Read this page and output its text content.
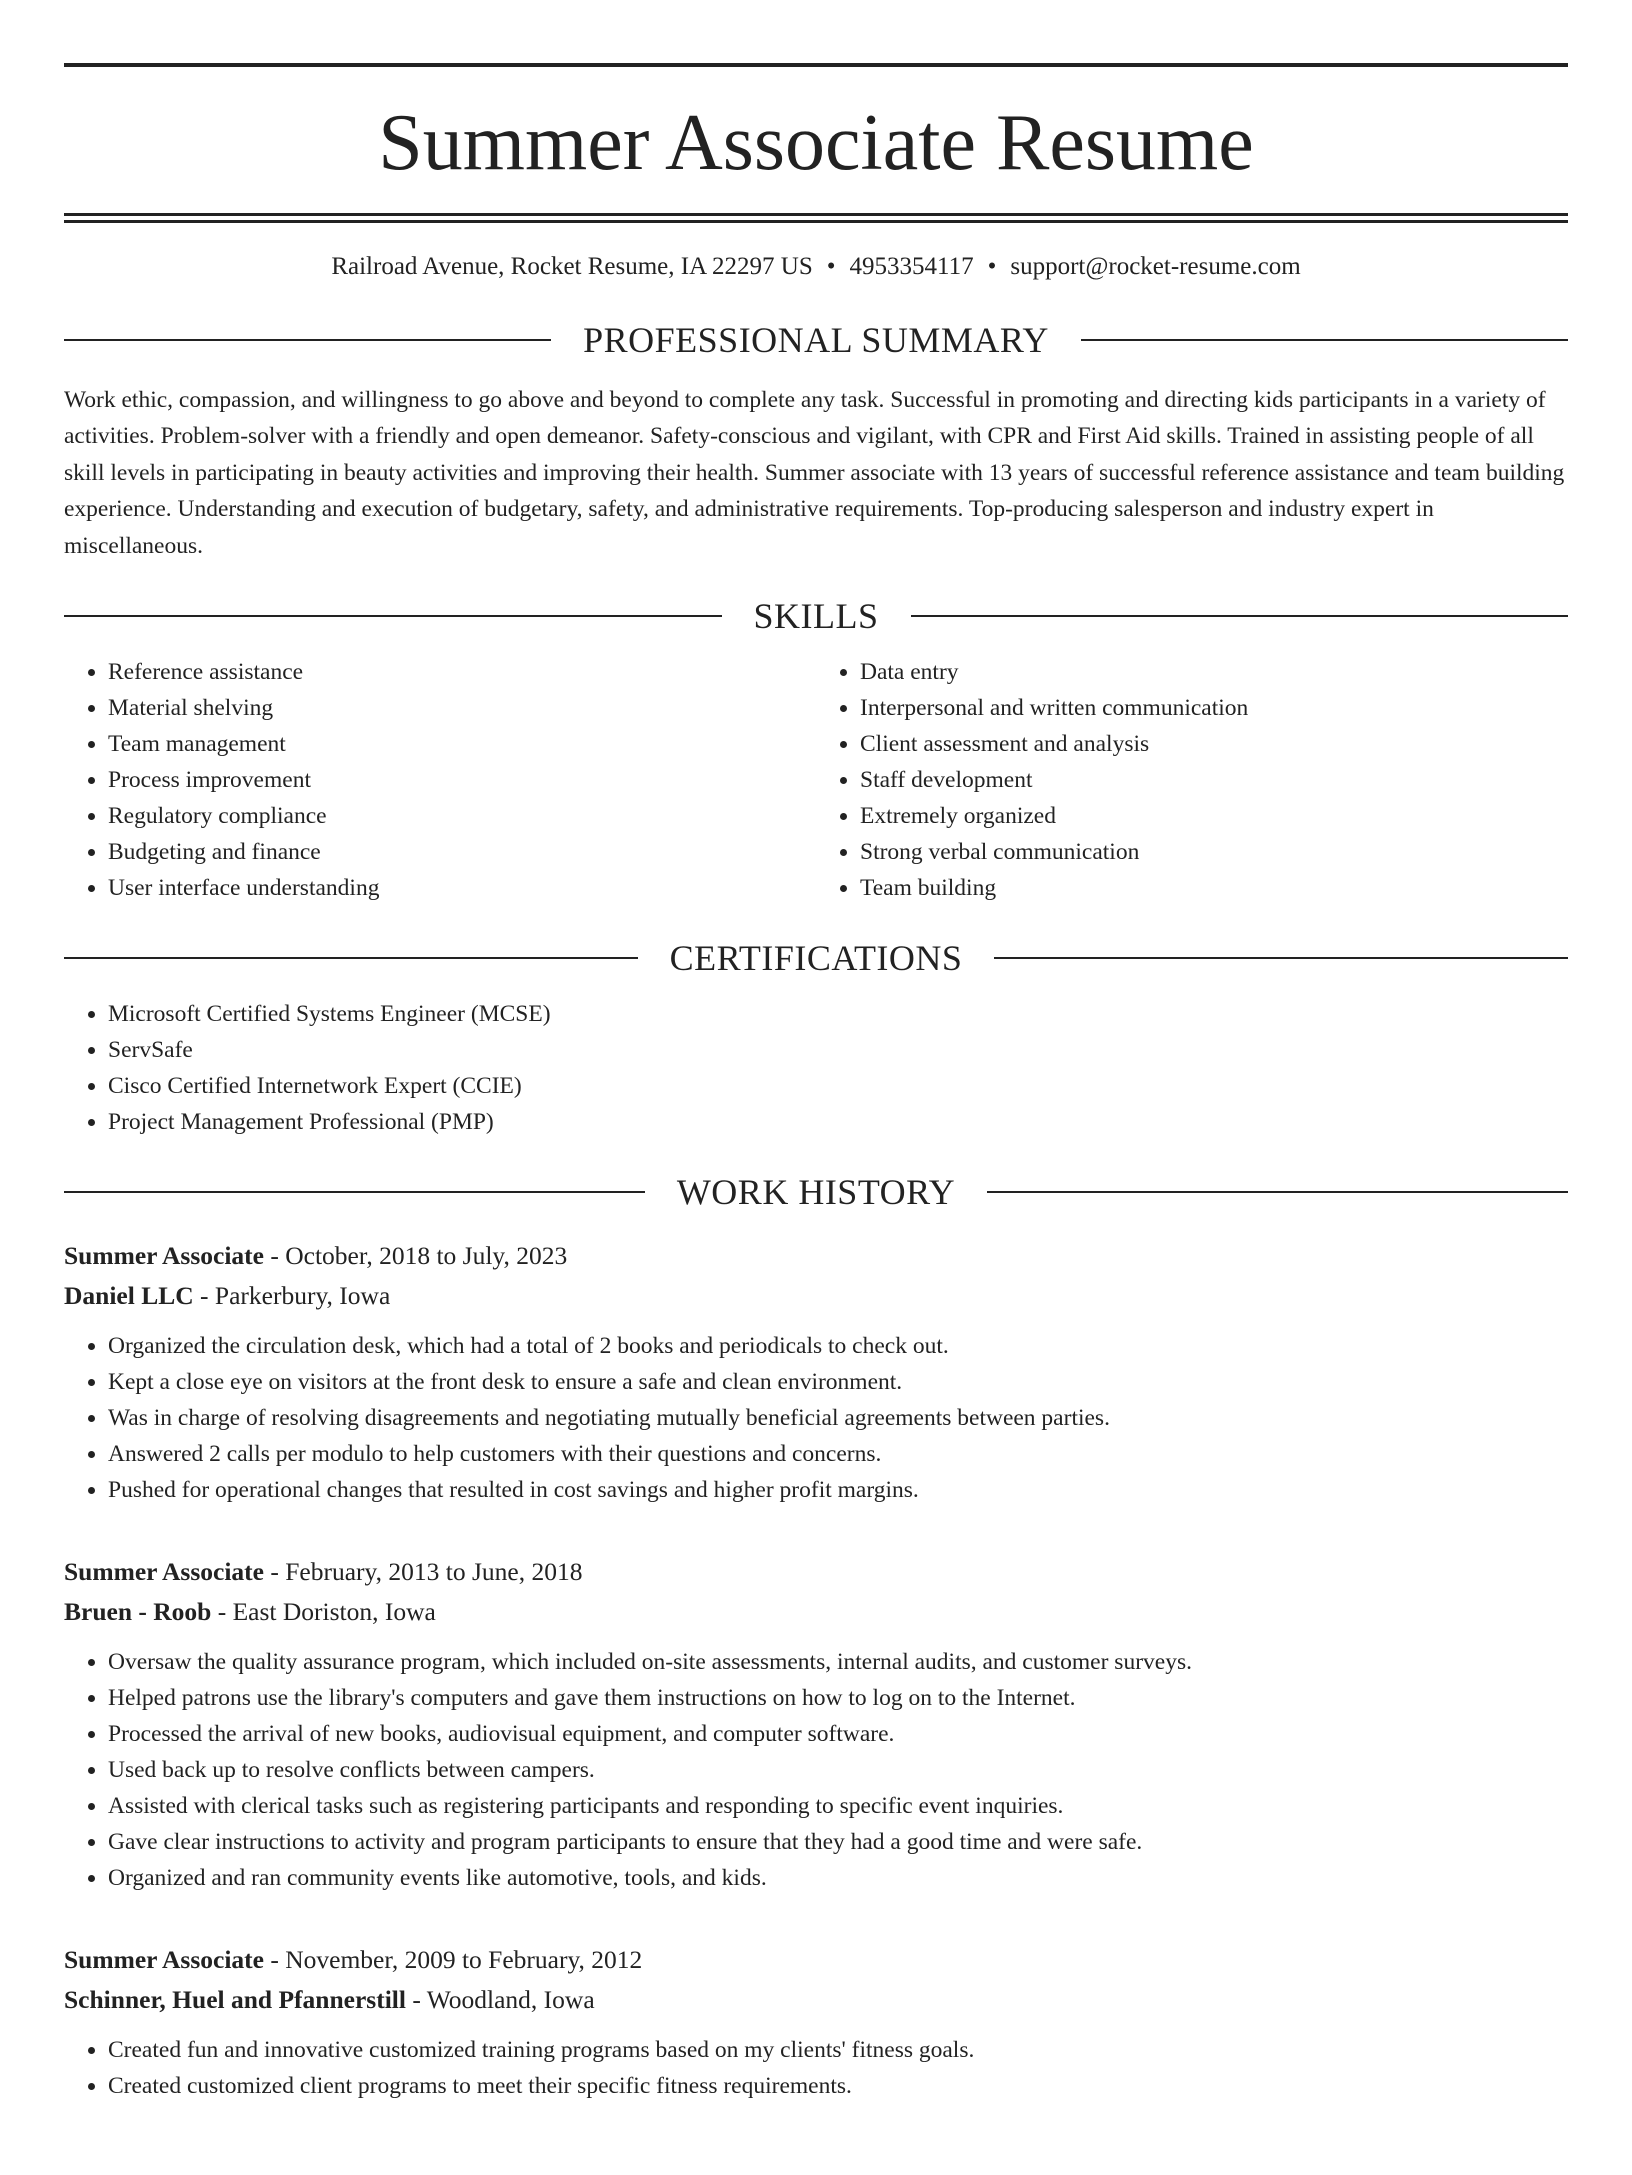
Summer Associate Resume
Railroad Avenue, Rocket Resume, IA 22297 US • 4953354117 • support@rocket-resume.com
PROFESSIONAL SUMMARY

Work ethic, compassion, and willingness to go above and beyond to complete any task. Successful in promoting and directing kids participants in a variety of activities. Problem-solver with a friendly and open demeanor. Safety-conscious and vigilant, with CPR and First Aid skills. Trained in assisting people of all skill levels in participating in beauty activities and improving their health. Summer associate with 13 years of successful reference assistance and team building experience. Understanding and execution of budgetary, safety, and administrative requirements. Top-producing salesperson and industry expert in miscellaneous.

SKILLS
• Reference assistance
• Material shelving
• Team management
• Process improvement
• Regulatory compliance
• Budgeting and finance
• User interface understanding
• Data entry
• Interpersonal and written communication
• Client assessment and analysis
• Staff development
• Extremely organized
• Strong verbal communication
• Team building
CERTIFICATIONS
• Microsoft Certified Systems Engineer (MCSE)
• ServSafe
• Cisco Certified Internetwork Expert (CCIE)
• Project Management Professional (PMP)
WORK HISTORY
Summer Associate - October, 2018 to July, 2023
Daniel LLC - Parkerbury, Iowa
• Organized the circulation desk, which had a total of 2 books and periodicals to check out.
• Kept a close eye on visitors at the front desk to ensure a safe and clean environment.
• Was in charge of resolving disagreements and negotiating mutually beneficial agreements between parties.
• Answered 2 calls per modulo to help customers with their questions and concerns.
• Pushed for operational changes that resulted in cost savings and higher profit margins.
Summer Associate - February, 2013 to June, 2018
Bruen - Roob - East Doriston, Iowa
• Oversaw the quality assurance program, which included on-site assessments, internal audits, and customer surveys.
• Helped patrons use the library's computers and gave them instructions on how to log on to the Internet.
• Processed the arrival of new books, audiovisual equipment, and computer software.
• Used back up to resolve conflicts between campers.
• Assisted with clerical tasks such as registering participants and responding to specific event inquiries.
• Gave clear instructions to activity and program participants to ensure that they had a good time and were safe.
• Organized and ran community events like automotive, tools, and kids.
Summer Associate - November, 2009 to February, 2012
Schinner, Huel and Pfannerstill - Woodland, Iowa
• Created fun and innovative customized training programs based on my clients' fitness goals.
• Created customized client programs to meet their specific fitness requirements.
